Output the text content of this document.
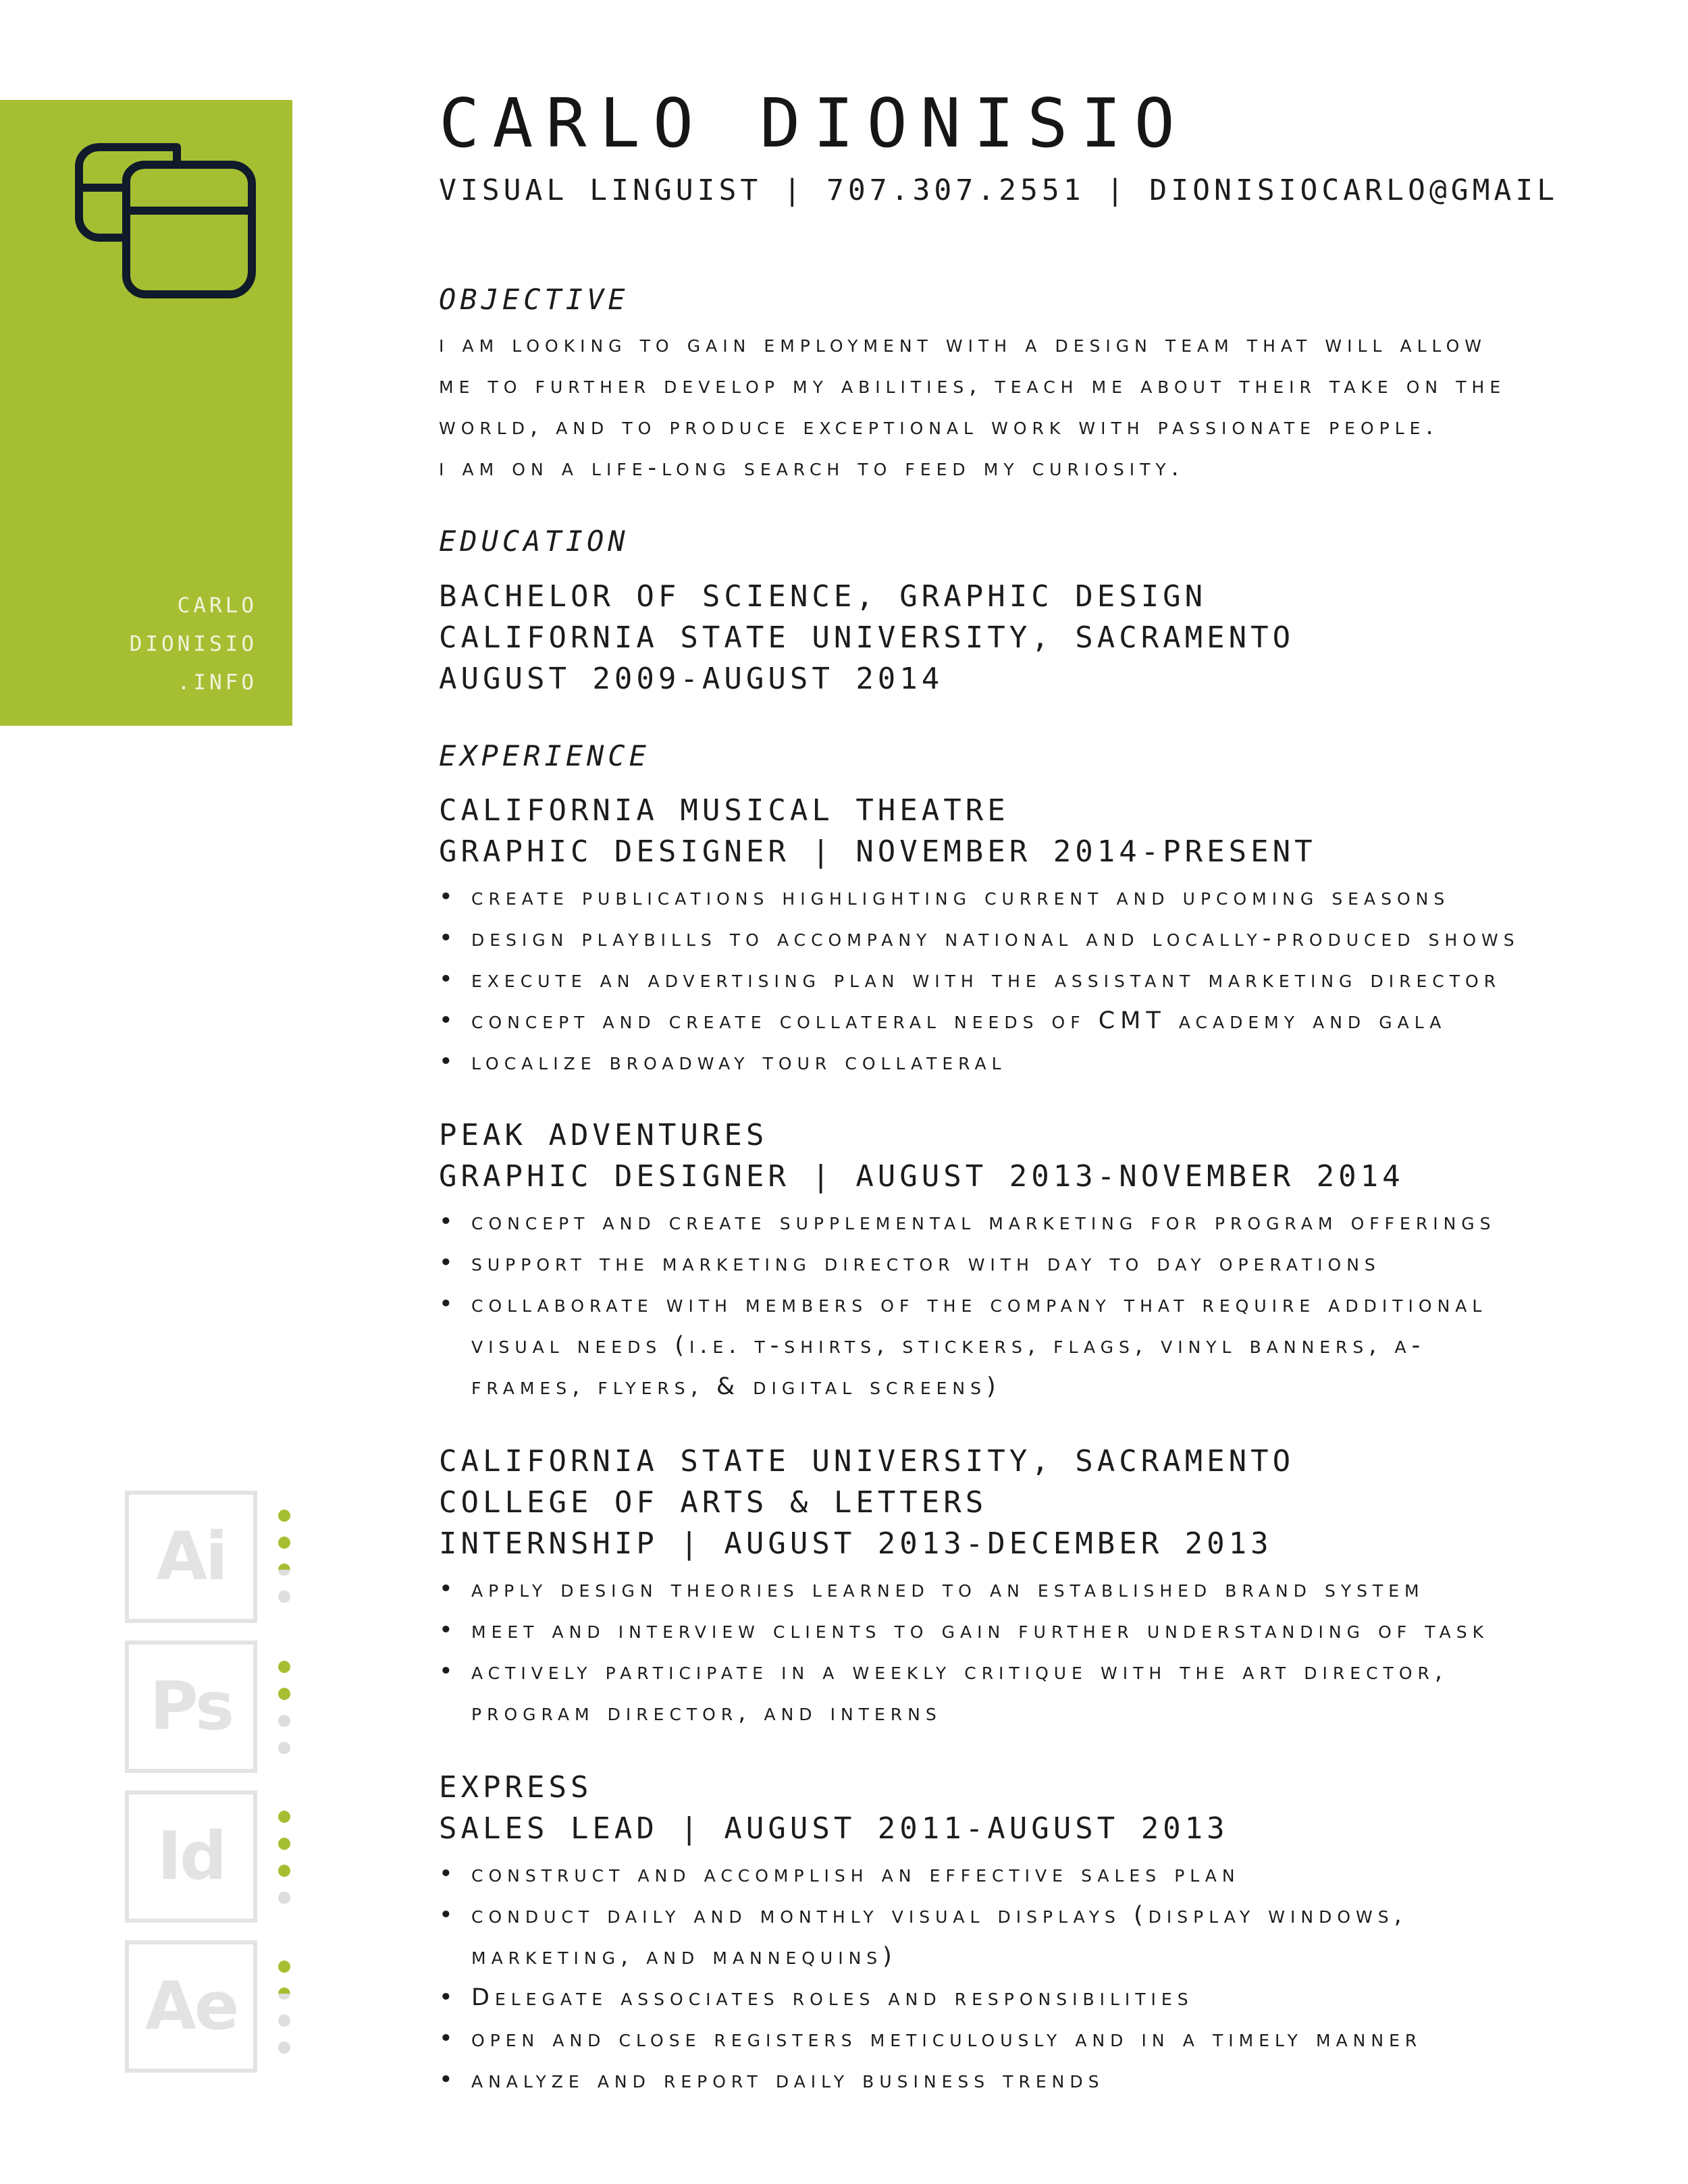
CARLO
DIONISIO
.INFO
CARLO DIONISIO
VISUAL LINGUIST | 707.307.2551 | DIONISIOCARLO@GMAIL
OBJECTIVE
i am looking to gain employment with a design team that will allow
me to further develop my abilities, teach me about their take on the
world, and to produce exceptional work with passionate people.
i am on a life-long search to feed my curiosity.
EDUCATION
BACHELOR OF SCIENCE, GRAPHIC DESIGN
CALIFORNIA STATE UNIVERSITY, SACRAMENTO
AUGUST 2009-AUGUST 2014
EXPERIENCE
CALIFORNIA MUSICAL THEATRE
GRAPHIC DESIGNER | NOVEMBER 2014-PRESENT
• create publications highlighting current and upcoming seasons
• design playbills to accompany national and locally-produced shows
• execute an advertising plan with the assistant marketing director
• concept and create collateral needs of CMT academy and gala
• localize broadway tour collateral
PEAK ADVENTURES
GRAPHIC DESIGNER | AUGUST 2013-NOVEMBER 2014
• concept and create supplemental marketing for program offerings
• support the marketing director with day to day operations
• collaborate with members of the company that require additional visual needs (i.e. t-shirts, stickers, flags, vinyl banners, a-frames, flyers, & digital screens)
CALIFORNIA STATE UNIVERSITY, SACRAMENTO
COLLEGE OF ARTS & LETTERS
INTERNSHIP | AUGUST 2013-DECEMBER 2013
• apply design theories learned to an established brand system
• meet and interview clients to gain further understanding of task
• actively participate in a weekly critique with the art director, program director, and interns
EXPRESS
SALES LEAD | AUGUST 2011-AUGUST 2013
• construct and accomplish an effective sales plan
• conduct daily and monthly visual displays (display windows, marketing, and mannequins)
• Delegate associates roles and responsibilities
• open and close registers meticulously and in a timely manner
• analyze and report daily business trends
Ai
Ps
Id
Ae
